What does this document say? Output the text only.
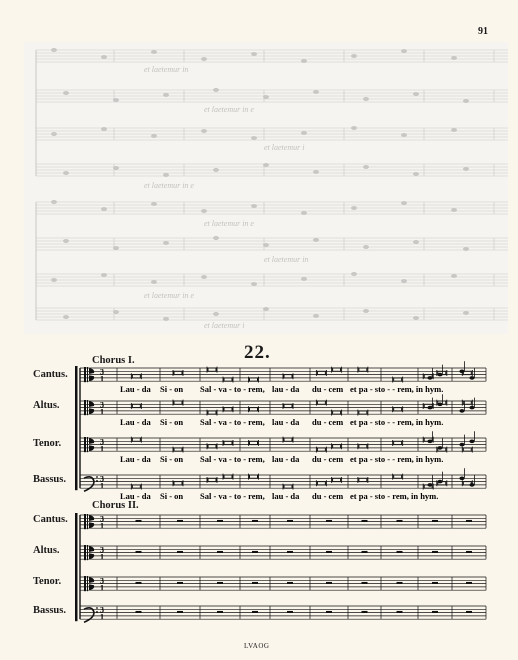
91
et laetemur in
et laetemur in e
et laetemur i
et laetemur in e
et laetemur in e
et laetemur in
et laetemur in e
et laetemur i
22.
3
1
Lau - da Si - on Sal - va - to - rem, lau - da du - cem et pa - sto - - rem, in hym.
3
1
Lau - da Si - on Sal - va - to - rem, lau - da du - cem et pa - sto - - rem, in hym.
3
1
Lau - da Si - on Sal - va - to - rem, lau - da du - cem et pa - sto - - rem, in hym.
3
1
Lau - da Si - on Sal - va - to - rem, lau - da du - cem et pa - sto - rem, in hym.
3
1
3
1
3
1
3
1
Cantus.
Altus.
Tenor.
Bassus.
Cantus.
Altus.
Tenor.
Bassus.
Chorus I.
Chorus II.
LVAOG
